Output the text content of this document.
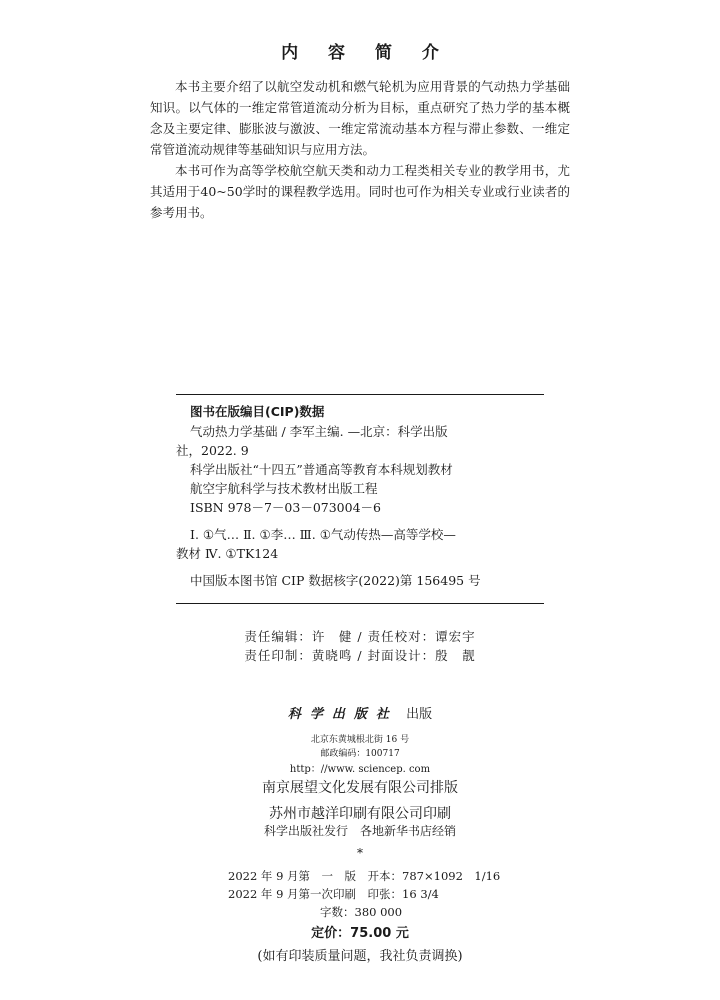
内 容 简 介

本书主要介绍了以航空发动机和燃气轮机为应用背景的气动热力学基础知识。以气体的一维定常管道流动分析为目标，重点研究了热力学的基本概念及主要定律、膨胀波与激波、一维定常流动基本方程与滞止参数、一维定常管道流动规律等基础知识与应用方法。

本书可作为高等学校航空航天类和动力工程类相关专业的教学用书，尤其适用于40~50学时的课程教学选用。同时也可作为相关专业或行业读者的参考用书。

图书在版编目(CIP)数据

气动热力学基础 / 李军主编. —北京：科学出版

社，2022. 9

科学出版社“十四五”普通高等教育本科规划教材

航空宇航科学与技术教材出版工程

ISBN 978－7－03－073004－6

Ⅰ. ①气… Ⅱ. ①李… Ⅲ. ①气动传热—高等学校—

教材 Ⅳ. ①TK124

中国版本图书馆 CIP 数据核字(2022)第 156495 号

责任编辑：许　健 / 责任校对：谭宏宇
责任印制：黄晓鸣 / 封面设计：殷　靓
科学出版社 出版
北京东黄城根北街 16 号
邮政编码：100717
http：//www. sciencep. com
南京展望文化发展有限公司排版
苏州市越洋印刷有限公司印刷
科学出版社发行　各地新华书店经销
*

2022 年 9 月第　一　版　开本：787×1092　1/16

2022 年 9 月第一次印刷　印张：16 3/4

字数：380 000

定价：75.00 元
(如有印装质量问题，我社负责调换)
